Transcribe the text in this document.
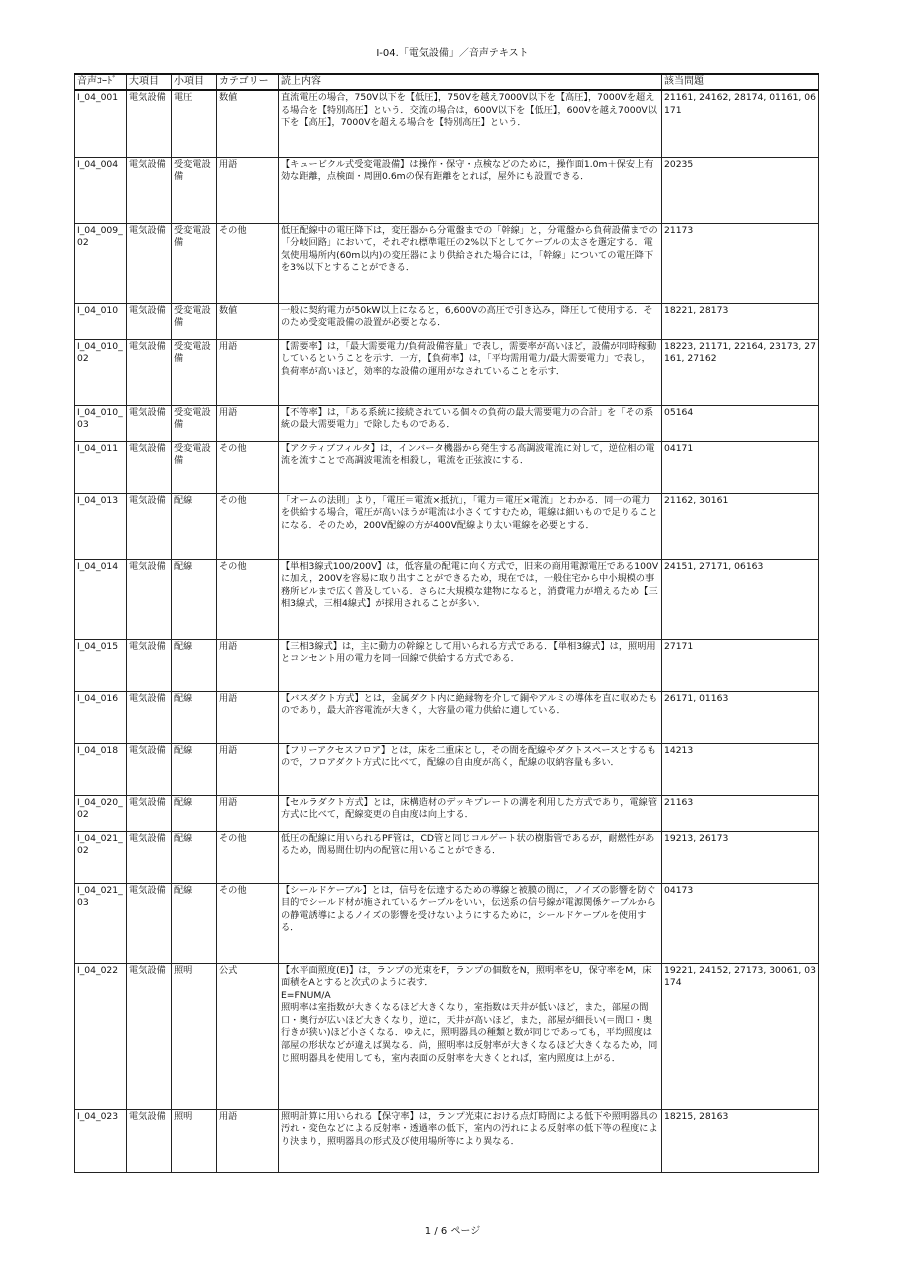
I-04.「電気設備」／音声テキスト
音声ｺｰﾄﾞ	大項目	小項目	カテゴリー	読上内容	該当問題
I_04_001	電気設備	電圧	数値	直流電圧の場合，750V以下を【低圧】，750Vを越え7000V以下を【高圧】，7000Vを超える場合を【特別高圧】という．交流の場合は，600V以下を【低圧】，600Vを越え7000V以下を【高圧】，7000Vを超える場合を【特別高圧】という．	21161, 24162, 28174, 01161, 06171
I_04_004	電気設備	受変電設備	用語	【キュービクル式受変電設備】は操作・保守・点検などのために，操作面1.0m＋保安上有効な距離，点検面・周囲0.6mの保有距離をとれば，屋外にも設置できる．	20235
I_04_009_02	電気設備	受変電設備	その他	低圧配線中の電圧降下は，変圧器から分電盤までの「幹線」と，分電盤から負荷設備までの「分岐回路」において，それぞれ標準電圧の2%以下としてケーブルの太さを選定する．電気使用場所内(60m以内)の変圧器により供給された場合には，「幹線」についての電圧降下を3%以下とすることができる．	21173
I_04_010	電気設備	受変電設備	数値	一般に契約電力が50kW以上になると，6,600Vの高圧で引き込み，降圧して使用する．そのため受変電設備の設置が必要となる．	18221, 28173
I_04_010_02	電気設備	受変電設備	用語	【需要率】は，「最大需要電力/負荷設備容量」で表し，需要率が高いほど，設備が同時稼動しているということを示す．一方，【負荷率】は，「平均需用電力/最大需要電力」で表し，負荷率が高いほど，効率的な設備の運用がなされていることを示す．	18223, 21171, 22164, 23173, 27161, 27162
I_04_010_03	電気設備	受変電設備	用語	【不等率】は，「ある系統に接続されている個々の負荷の最大需要電力の合計」を「その系統の最大需要電力」で除したものである．	05164
I_04_011	電気設備	受変電設備	その他	【アクティブフィルタ】は，インバータ機器から発生する高調波電流に対して，逆位相の電流を流すことで高調波電流を相殺し，電流を正弦波にする．	04171
I_04_013	電気設備	配線	その他	「オームの法則」より，「電圧＝電流×抵抗」，「電力＝電圧×電流」とわかる．同一の電力を供給する場合，電圧が高いほうが電流は小さくてすむため，電線は細いもので足りることになる．そのため，200V配線の方が400V配線より太い電線を必要とする．	21162, 30161
I_04_014	電気設備	配線	その他	【単相3線式100/200V】は，低容量の配電に向く方式で，旧来の商用電源電圧である100Vに加え，200Vを容易に取り出すことができるため，現在では，一般住宅から中小規模の事務所ビルまで広く普及している．さらに大規模な建物になると，消費電力が増えるため【三相3線式，三相4線式】が採用されることが多い．	24151, 27171, 06163
I_04_015	電気設備	配線	用語	【三相3線式】は，主に動力の幹線として用いられる方式である．【単相3線式】は，照明用とコンセント用の電力を同一回線で供給する方式である．	27171
I_04_016	電気設備	配線	用語	【バスダクト方式】とは，金属ダクト内に絶縁物を介して銅やアルミの導体を直に収めたものであり，最大許容電流が大きく，大容量の電力供給に適している．	26171, 01163
I_04_018	電気設備	配線	用語	【フリーアクセスフロア】とは，床を二重床とし，その間を配線やダクトスペースとするもので，フロアダクト方式に比べて，配線の自由度が高く，配線の収納容量も多い．	14213
I_04_020_02	電気設備	配線	用語	【セルラダクト方式】とは，床構造材のデッキプレートの溝を利用した方式であり，電線管方式に比べて，配線変更の自由度は向上する．	21163
I_04_021_02	電気設備	配線	その他	低圧の配線に用いられるPF管は，CD管と同じコルゲート状の樹脂管であるが，耐燃性があるため，間易間仕切内の配管に用いることができる．	19213, 26173
I_04_021_03	電気設備	配線	その他	【シールドケーブル】とは，信号を伝達するための導線と被膜の間に，ノイズの影響を防ぐ目的でシールド材が施されているケーブルをいい，伝送系の信号線が電源関係ケーブルからの静電誘導によるノイズの影響を受けないようにするために，シールドケーブルを使用する．	04173
I_04_022	電気設備	照明	公式	【水平面照度(E)】は，ランプの光束をF，ランプの個数をN，照明率をU，保守率をM，床面積をAとすると次式のように表す．
E=FNUM/A
照明率は室指数が大きくなるほど大きくなり，室指数は天井が低いほど，また，部屋の間口・奥行が広いほど大きくなり，逆に，天井が高いほど，また，部屋が細長い(＝間口・奥行きが狭い)ほど小さくなる．ゆえに，照明器具の種類と数が同じであっても，平均照度は部屋の形状などが違えば異なる．尚，照明率は反射率が大きくなるほど大きくなるため，同じ照明器具を使用しても，室内表面の反射率を大きくとれば，室内照度は上がる．	19221, 24152, 27173, 30061, 03174
I_04_023	電気設備	照明	用語	照明計算に用いられる【保守率】は，ランプ光束における点灯時間による低下や照明器具の汚れ・変色などによる反射率・透過率の低下，室内の汚れによる反射率の低下等の程度により決まり，照明器具の形式及び使用場所等により異なる．	18215, 28163
1 / 6 ページ
